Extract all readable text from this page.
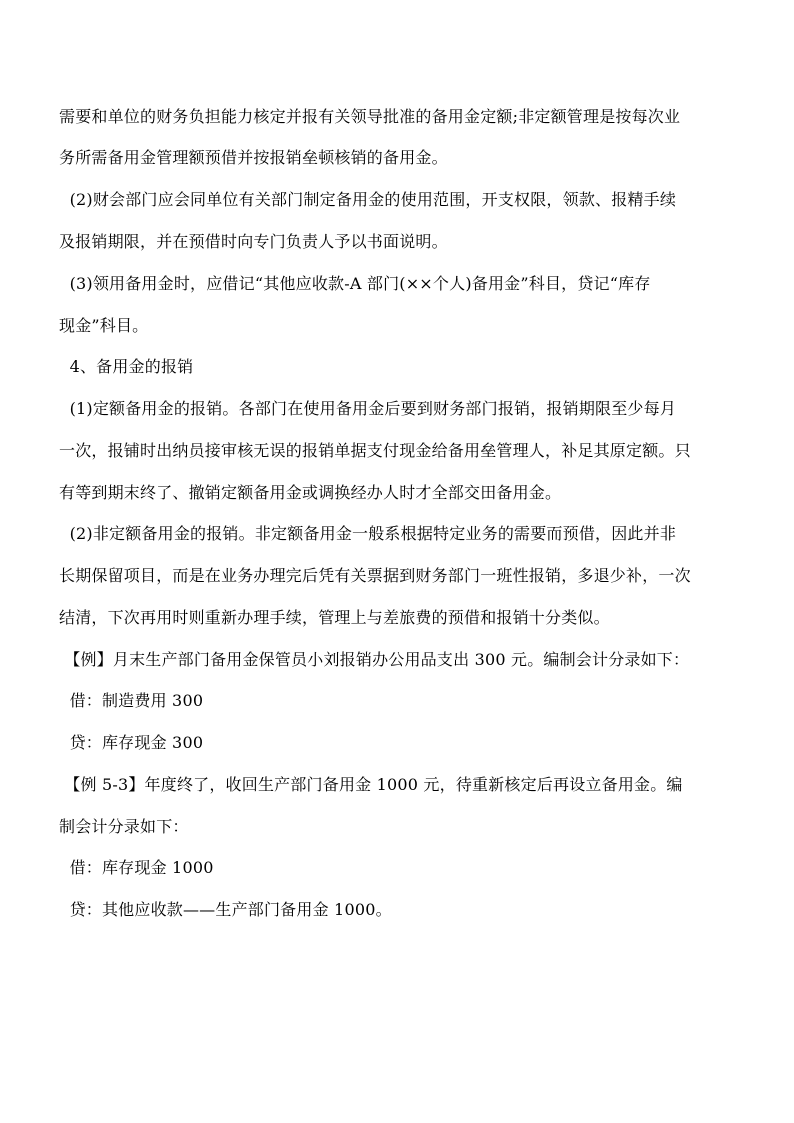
需要和单位的财务负担能力核定并报有关领导批准的备用金定额;非定额管理是按每次业

务所需备用金管理额预借并按报销垒顿核销的备用金。

(2)财会部门应会同单位有关部门制定备用金的使用范围，开支权限，领款、报精手续

及报销期限，并在预借时向专门负责人予以书面说明。

(3)领用备用金时，应借记“其他应收款-A 部门(××个人)备用金”科目，贷记“库存

现金”科目。

4、备用金的报销

(1)定额备用金的报销。各部门在使用备用金后要到财务部门报销，报销期限至少每月

一次，报铺时出纳员接审核无误的报销单据支付现金给备用垒管理人，补足其原定额。只

有等到期末终了、撤销定额备用金或调换经办人时才全部交田备用金。

(2)非定额备用金的报销。非定额备用金一般系根据特定业务的需要而预借，因此并非

长期保留项目，而是在业务办理完后凭有关票据到财务部门一班性报销，多退少补，一次

结清，下次再用时则重新办理手续，管理上与差旅费的预借和报销十分类似。

【例】月末生产部门备用金保管员小刘报销办公用品支出 300 元。编制会计分录如下：

借：制造费用 300

贷：库存现金 300

【例 5-3】年度终了，收回生产部门备用金 1000 元，待重新核定后再设立备用金。编

制会计分录如下：

借：库存现金 1000

贷：其他应收款——生产部门备用金 1000。
